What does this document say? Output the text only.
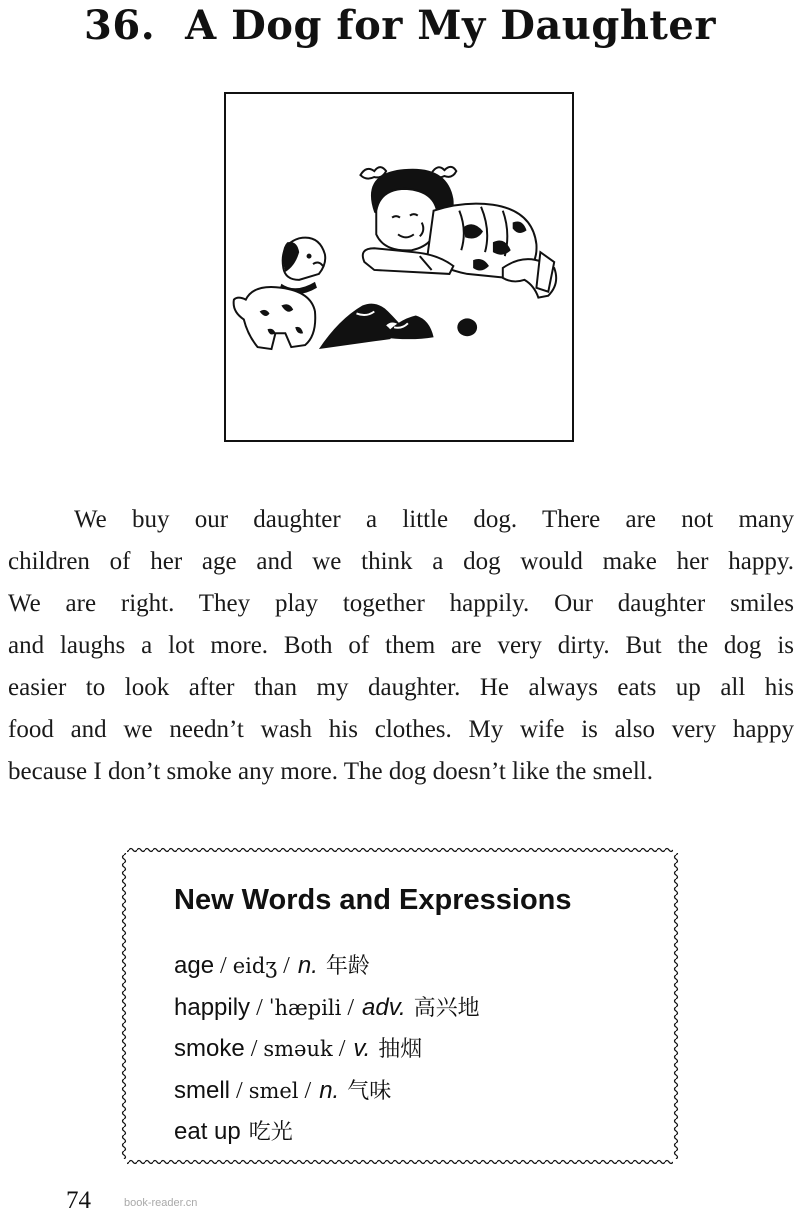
36. A Dog for My Daughter
We buy our daughter a little dog. There are not many
children of her age and we think a dog would make her happy.
We are right. They play together happily. Our daughter smiles
and laughs a lot more. Both of them are very dirty. But the dog is
easier to look after than my daughter. He always eats up all his
food and we needn’t wash his clothes. My wife is also very happy
because I don’t smoke any more. The dog doesn’t like the smell.
New Words and Expressions
age / eidʒ / n. 年龄
happily / ˈhæpili / adv. 高兴地
smoke / sməuk / v. 抽烟
smell / smel / n. 气味
eat up 吃光
74	book-reader.cn
